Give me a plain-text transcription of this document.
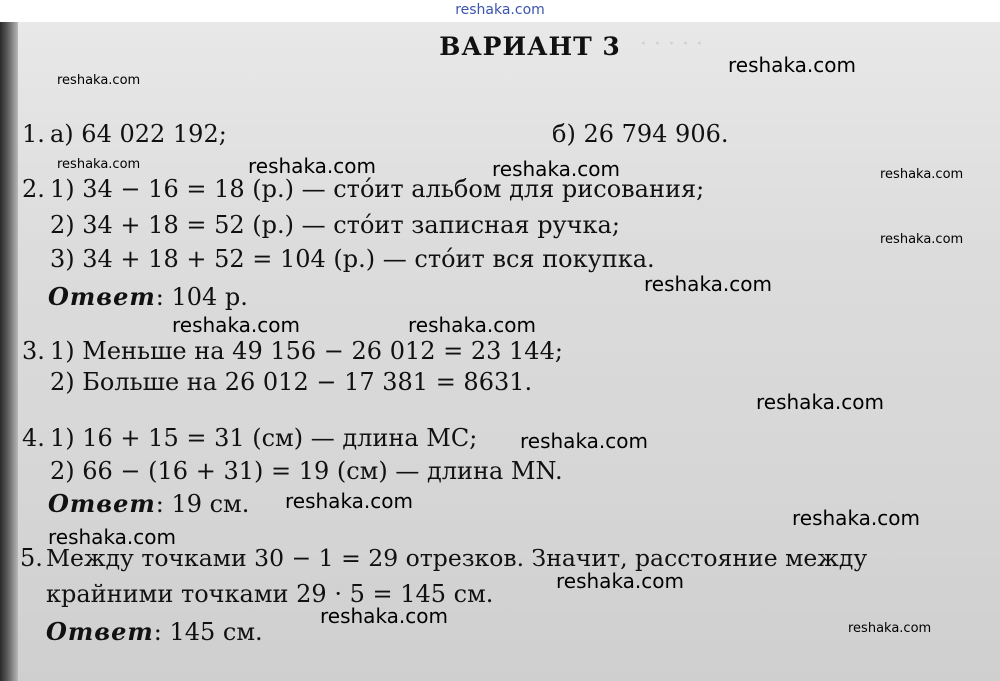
reshaka.com

· · · · ·
ВАРИАНТ 3

1. а) 64 022 192;	б) 26 794 906.

2. 1) 34 − 16 = 18 (р.) — сто́ит альбом для рисования;

2) 34 + 18 = 52 (р.) — сто́ит записная ручка;

3) 34 + 18 + 52 = 104 (р.) — сто́ит вся покупка.

Ответ: 104 р.

3. 1) Меньше на 49 156 − 26 012 = 23 144;

2) Больше на 26 012 − 17 381 = 8631.

4. 1) 16 + 15 = 31 (см) — длина MC;

2) 66 − (16 + 31) = 19 (см) — длина MN.

Ответ: 19 см.

5. Между точками 30 − 1 = 29 отрезков. Значит, расстояние между

крайними точками 29 · 5 = 145 см.

Ответ: 145 см.

reshaka.com
reshaka.com
reshaka.com	reshaka.com	reshaka.com	reshaka.com
reshaka.com
reshaka.com
reshaka.com	reshaka.com
reshaka.com
reshaka.com
reshaka.com
reshaka.com
reshaka.com
reshaka.com
reshaka.com
reshaka.com
